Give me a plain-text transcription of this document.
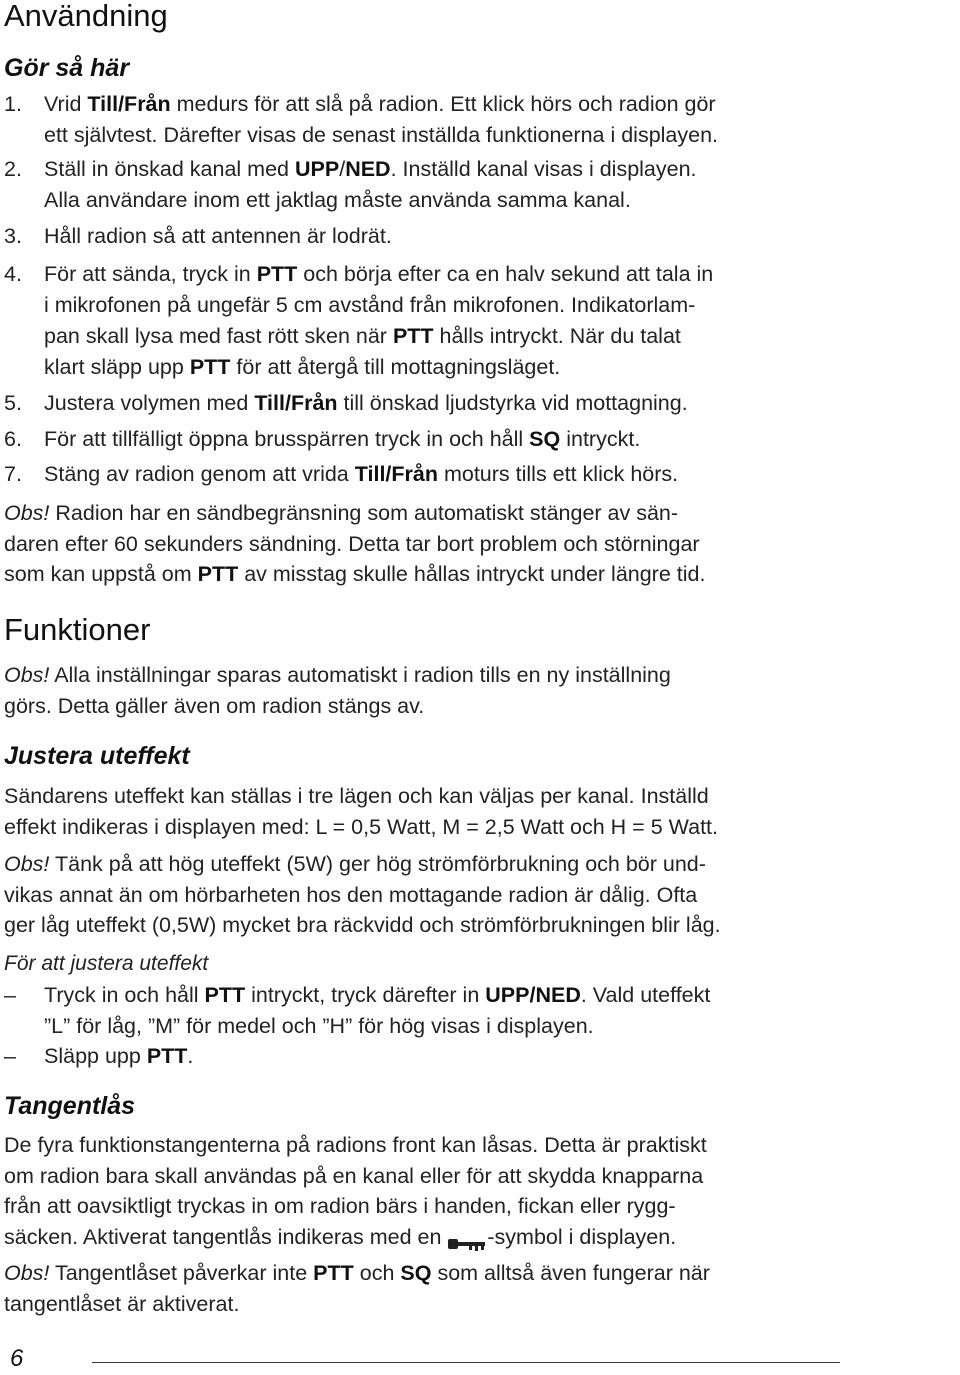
Användning
Gör så här
1. Vrid Till/Från medurs för att slå på radion. Ett klick hörs och radion gör
ett självtest. Därefter visas de senast inställda funktionerna i displayen.
2. Ställ in önskad kanal med UPP/NED. Inställd kanal visas i displayen.
Alla användare inom ett jaktlag måste använda samma kanal.
3. Håll radion så att antennen är lodrät.
4. För att sända, tryck in PTT och börja efter ca en halv sekund att tala in
i mikrofonen på ungefär 5 cm avstånd från mikrofonen. Indikatorlam-
pan skall lysa med fast rött sken när PTT hålls intryckt. När du talat
klart släpp upp PTT för att återgå till mottagningsläget.
5. Justera volymen med Till/Från till önskad ljudstyrka vid mottagning.
6. För att tillfälligt öppna brusspärren tryck in och håll SQ intryckt.
7. Stäng av radion genom att vrida Till/Från moturs tills ett klick hörs.
Obs! Radion har en sändbegränsning som automatiskt stänger av sän-
daren efter 60 sekunders sändning. Detta tar bort problem och störningar
som kan uppstå om PTT av misstag skulle hållas intryckt under längre tid.
Funktioner
Obs! Alla inställningar sparas automatiskt i radion tills en ny inställning
görs. Detta gäller även om radion stängs av.
Justera uteffekt
Sändarens uteffekt kan ställas i tre lägen och kan väljas per kanal. Inställd
effekt indikeras i displayen med: L = 0,5 Watt, M = 2,5 Watt och H = 5 Watt.
Obs! Tänk på att hög uteffekt (5W) ger hög strömförbrukning och bör und-
vikas annat än om hörbarheten hos den mottagande radion är dålig. Ofta
ger låg uteffekt (0,5W) mycket bra räckvidd och strömförbrukningen blir låg.
För att justera uteffekt
– Tryck in och håll PTT intryckt, tryck därefter in UPP/NED. Vald uteffekt
”L” för låg, ”M” för medel och ”H” för hög visas i displayen.
– Släpp upp PTT.
Tangentlås
De fyra funktionstangenterna på radions front kan låsas. Detta är praktiskt
om radion bara skall användas på en kanal eller för att skydda knapparna
från att oavsiktligt tryckas in om radion bärs i handen, fickan eller rygg-
säcken. Aktiverat tangentlås indikeras med en -symbol i displayen.
Obs! Tangentlåset påverkar inte PTT och SQ som alltså även fungerar när
tangentlåset är aktiverat.
6
